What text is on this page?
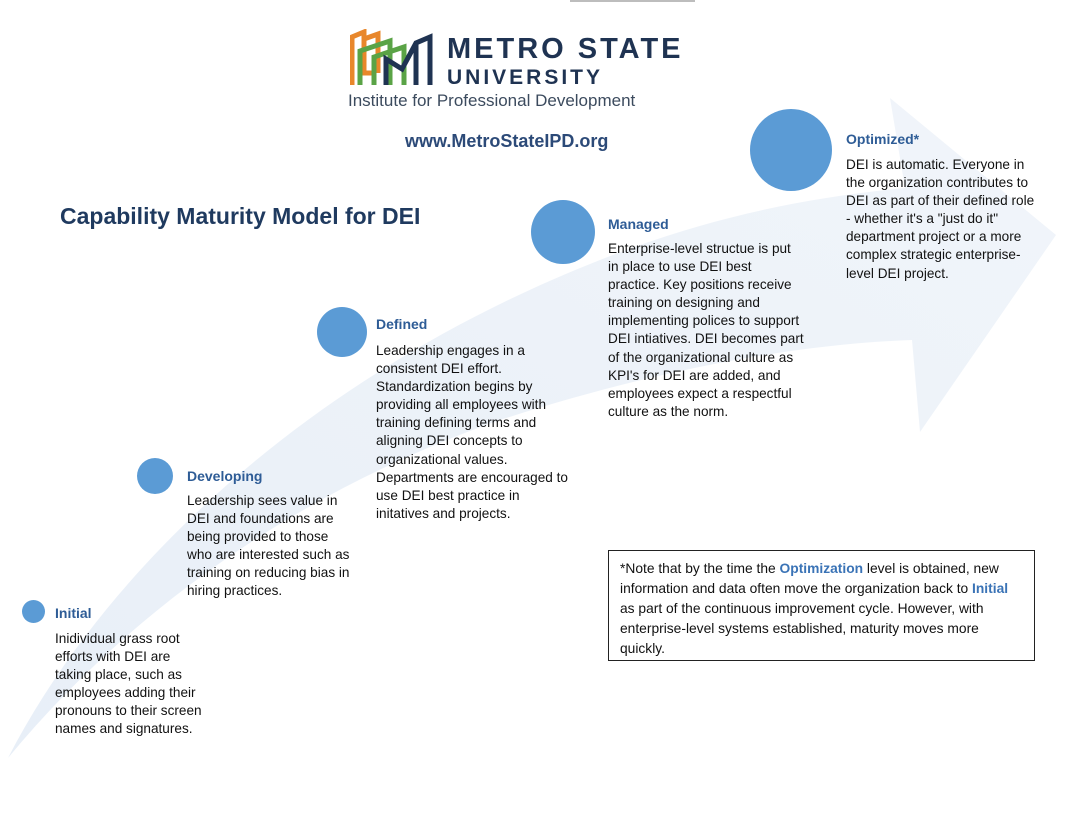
METRO STATE
UNIVERSITY
Institute for Professional Development
www.MetroStateIPD.org
Capability Maturity Model for DEI
Initial
Inidividual grass root efforts with DEI are taking place, such as employees adding their pronouns to their screen names and signatures.
Developing
Leadership sees value in DEI and foundations are being provided to those who are interested such as training on reducing bias in hiring practices.
Defined
Leadership engages in a consistent DEI effort. Standardization begins by providing all employees with training defining terms and aligning DEI concepts to organizational values. Departments are encouraged to use DEI best practice in initatives and projects.
Managed
Enterprise-level structue is put in place to use DEI best practice. Key positions receive training on designing and implementing polices to support DEI intiatives. DEI becomes part of the organizational culture as KPI's for DEI are added, and employees expect a respectful culture as the norm.
Optimized*
DEI is automatic. Everyone in the organization contributes to DEI as part of their defined role - whether it's a "just do it" department project or a more complex strategic enterprise-level DEI project.
*Note that by the time the Optimization level is obtained, new information and data often move the organization back to Initial as part of the continuous improvement cycle. However, with enterprise-level systems established, maturity moves more quickly.
